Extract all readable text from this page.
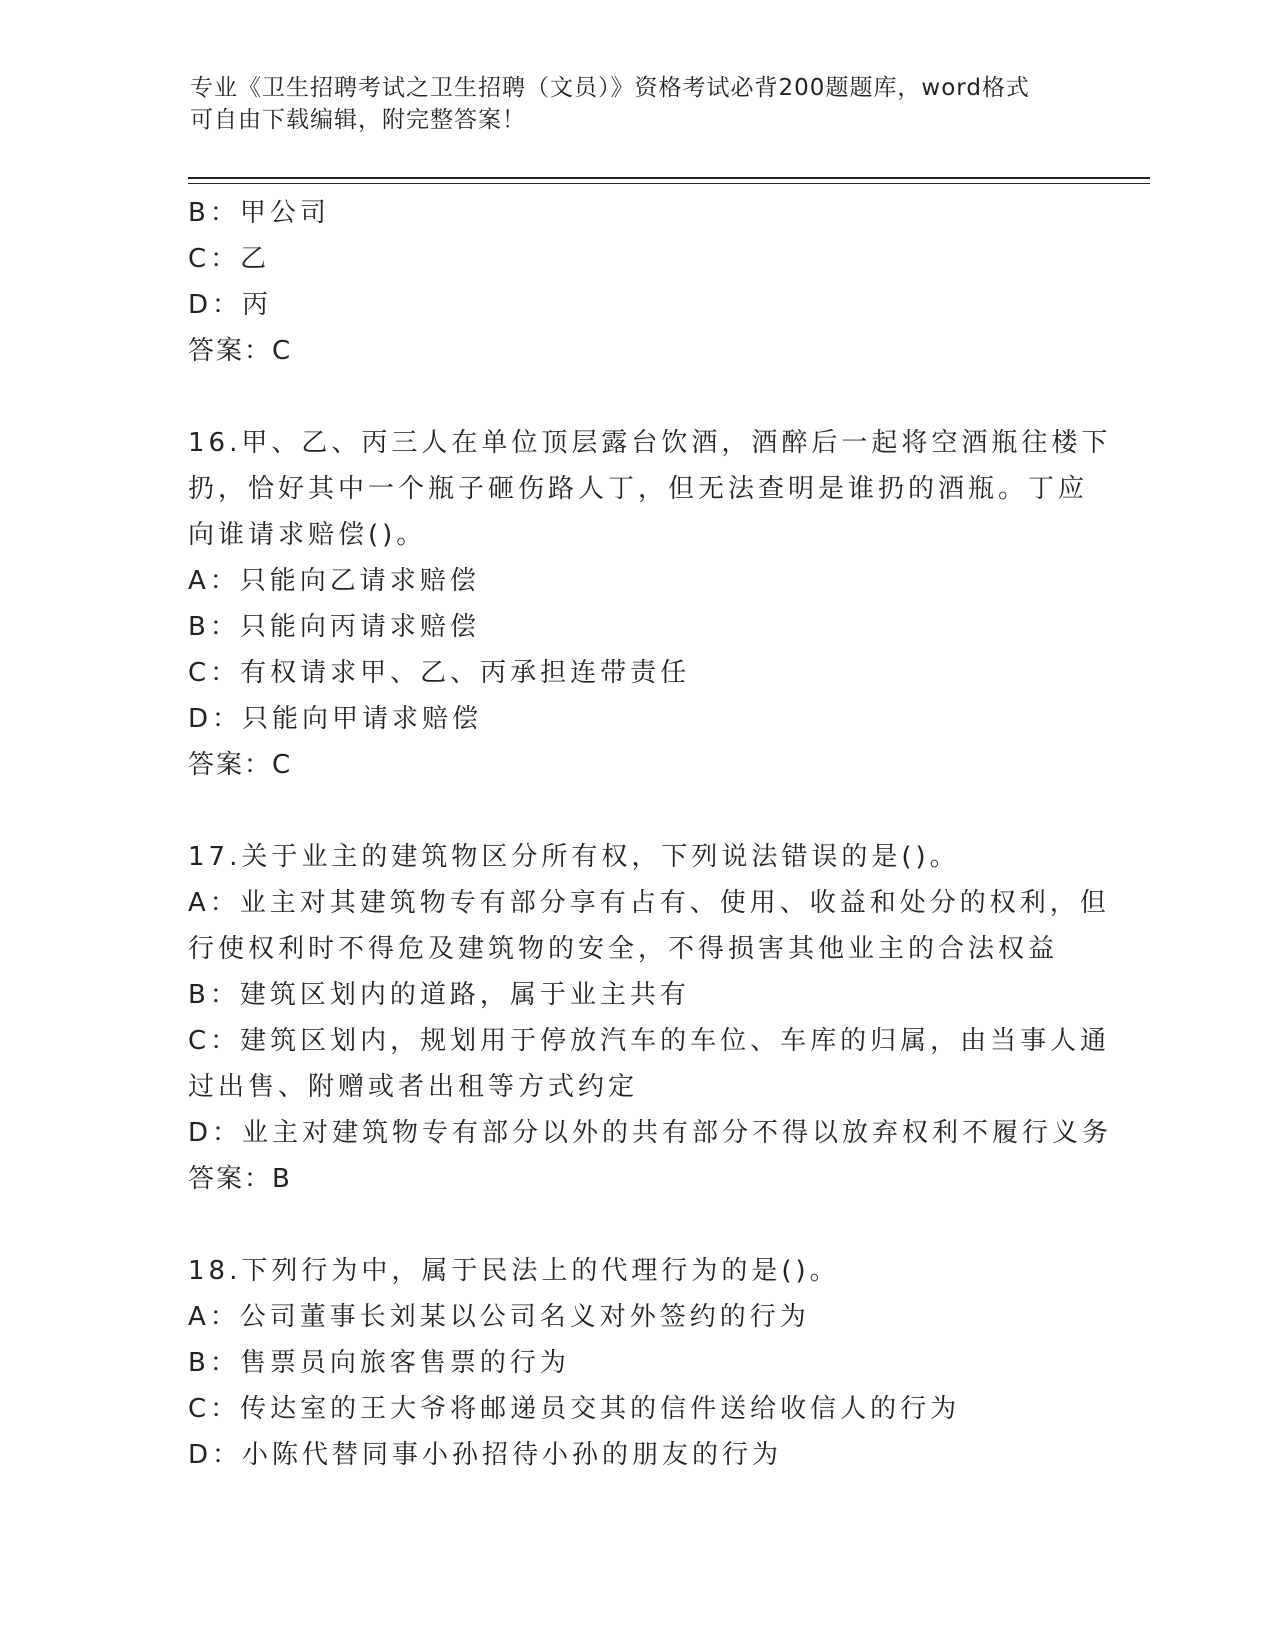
专业《卫生招聘考试之卫生招聘（文员）》资格考试必背200题题库，word格式
可自由下载编辑，附完整答案！
B：甲公司
C：乙
D：丙
答案：C
16.甲、乙、丙三人在单位顶层露台饮酒，酒醉后一起将空酒瓶往楼下
扔，恰好其中一个瓶子砸伤路人丁，但无法查明是谁扔的酒瓶。丁应
向谁请求赔偿()。
A：只能向乙请求赔偿
B：只能向丙请求赔偿
C：有权请求甲、乙、丙承担连带责任
D：只能向甲请求赔偿
答案：C
17.关于业主的建筑物区分所有权，下列说法错误的是()。
A：业主对其建筑物专有部分享有占有、使用、收益和处分的权利，但
行使权利时不得危及建筑物的安全，不得损害其他业主的合法权益
B：建筑区划内的道路，属于业主共有
C：建筑区划内，规划用于停放汽车的车位、车库的归属，由当事人通
过出售、附赠或者出租等方式约定
D：业主对建筑物专有部分以外的共有部分不得以放弃权利不履行义务
答案：B
18.下列行为中，属于民法上的代理行为的是()。
A：公司董事长刘某以公司名义对外签约的行为
B：售票员向旅客售票的行为
C：传达室的王大爷将邮递员交其的信件送给收信人的行为
D：小陈代替同事小孙招待小孙的朋友的行为
